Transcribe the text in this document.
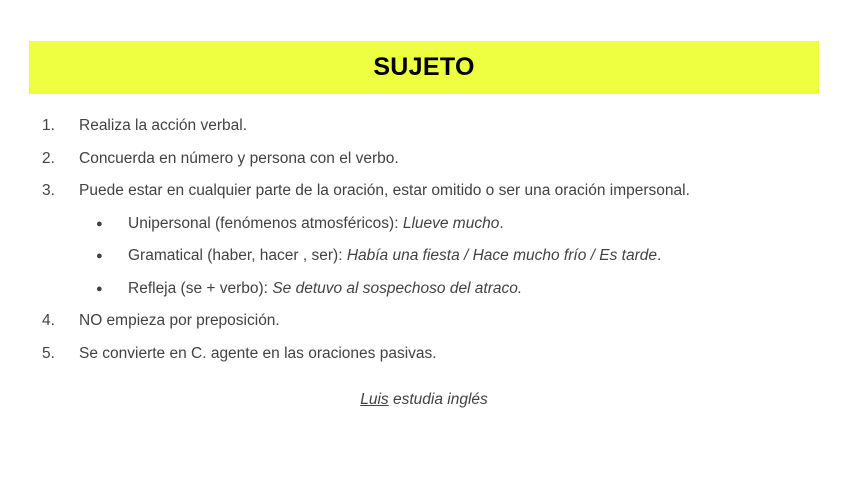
SUJETO
1.	Realiza la acción verbal.
2.	Concuerda en número y persona con el verbo.
3.	Puede estar en cualquier parte de la oración, estar omitido o ser una oración impersonal.
● Unipersonal (fenómenos atmosféricos): Llueve mucho.
● Gramatical (haber, hacer , ser): Había una fiesta / Hace mucho frío / Es tarde.
● Refleja (se + verbo): Se detuvo al sospechoso del atraco.
4.	NO empieza por preposición.
5.	Se convierte en C. agente en las oraciones pasivas.
Luis estudia inglés
